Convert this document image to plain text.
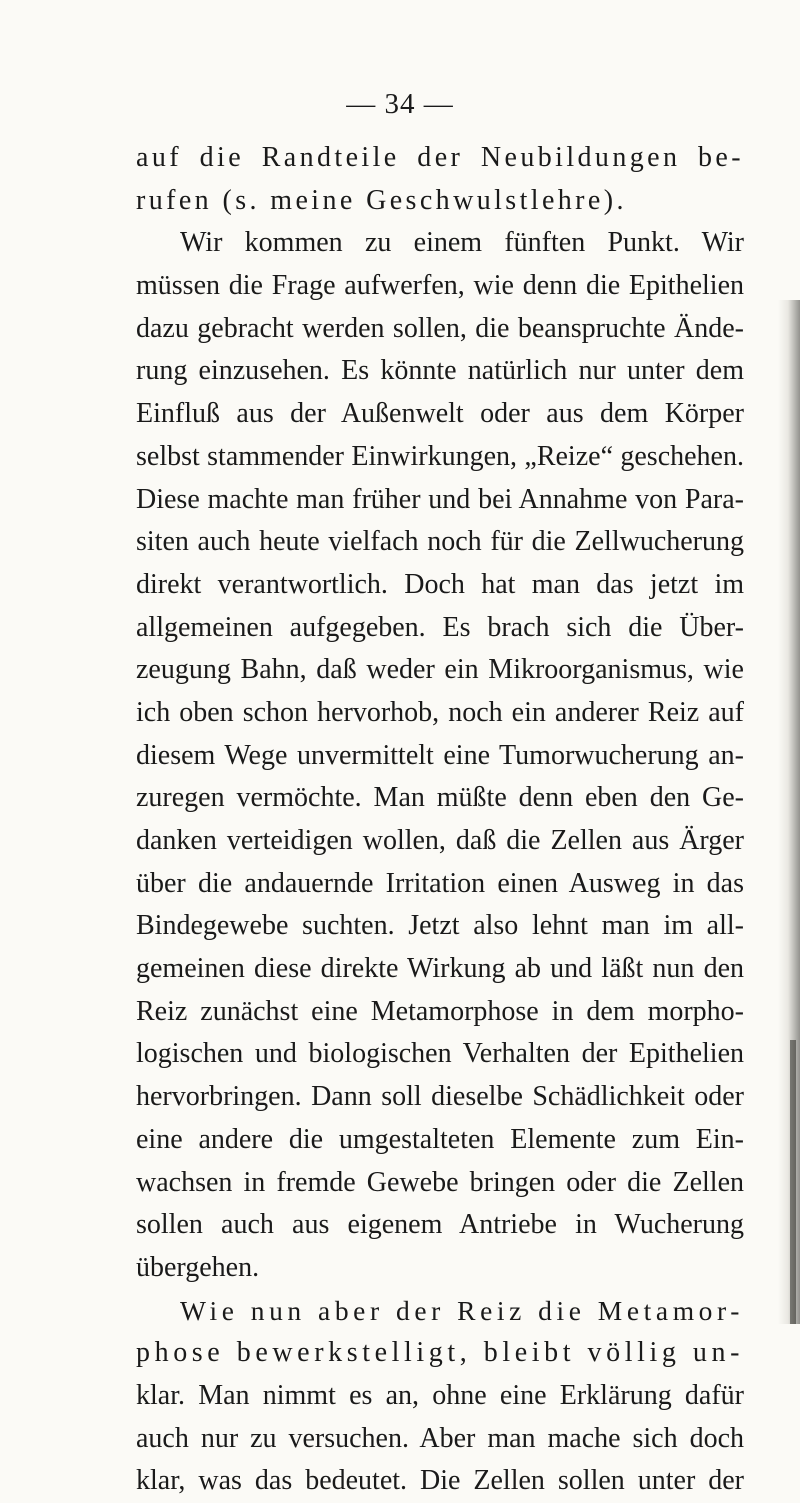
— 34 —
auf die Randteile der Neubildungen be-
rufen (s. meine Geschwulstlehre).
Wir kommen zu einem fünften Punkt. Wir
müssen die Frage aufwerfen, wie denn die Epithelien
dazu gebracht werden sollen, die beanspruchte Ände-
rung einzusehen. Es könnte natürlich nur unter dem
Einfluß aus der Außenwelt oder aus dem Körper
selbst stammender Einwirkungen, „Reize“ geschehen.
Diese machte man früher und bei Annahme von Para-
siten auch heute vielfach noch für die Zellwucherung
direkt verantwortlich. Doch hat man das jetzt im
allgemeinen aufgegeben. Es brach sich die Über-
zeugung Bahn, daß weder ein Mikroorganismus, wie
ich oben schon hervorhob, noch ein anderer Reiz auf
diesem Wege unvermittelt eine Tumorwucherung an-
zuregen vermöchte. Man müßte denn eben den Ge-
danken verteidigen wollen, daß die Zellen aus Ärger
über die andauernde Irritation einen Ausweg in das
Bindegewebe suchten. Jetzt also lehnt man im all-
gemeinen diese direkte Wirkung ab und läßt nun den
Reiz zunächst eine Metamorphose in dem morpho-
logischen und biologischen Verhalten der Epithelien
hervorbringen. Dann soll dieselbe Schädlichkeit oder
eine andere die umgestalteten Elemente zum Ein-
wachsen in fremde Gewebe bringen oder die Zellen
sollen auch aus eigenem Antriebe in Wucherung
übergehen.
Wie nun aber der Reiz die Metamor-
phose bewerkstelligt, bleibt völlig un-
klar. Man nimmt es an, ohne eine Erklärung dafür
auch nur zu versuchen. Aber man mache sich doch
klar, was das bedeutet. Die Zellen sollen unter der
